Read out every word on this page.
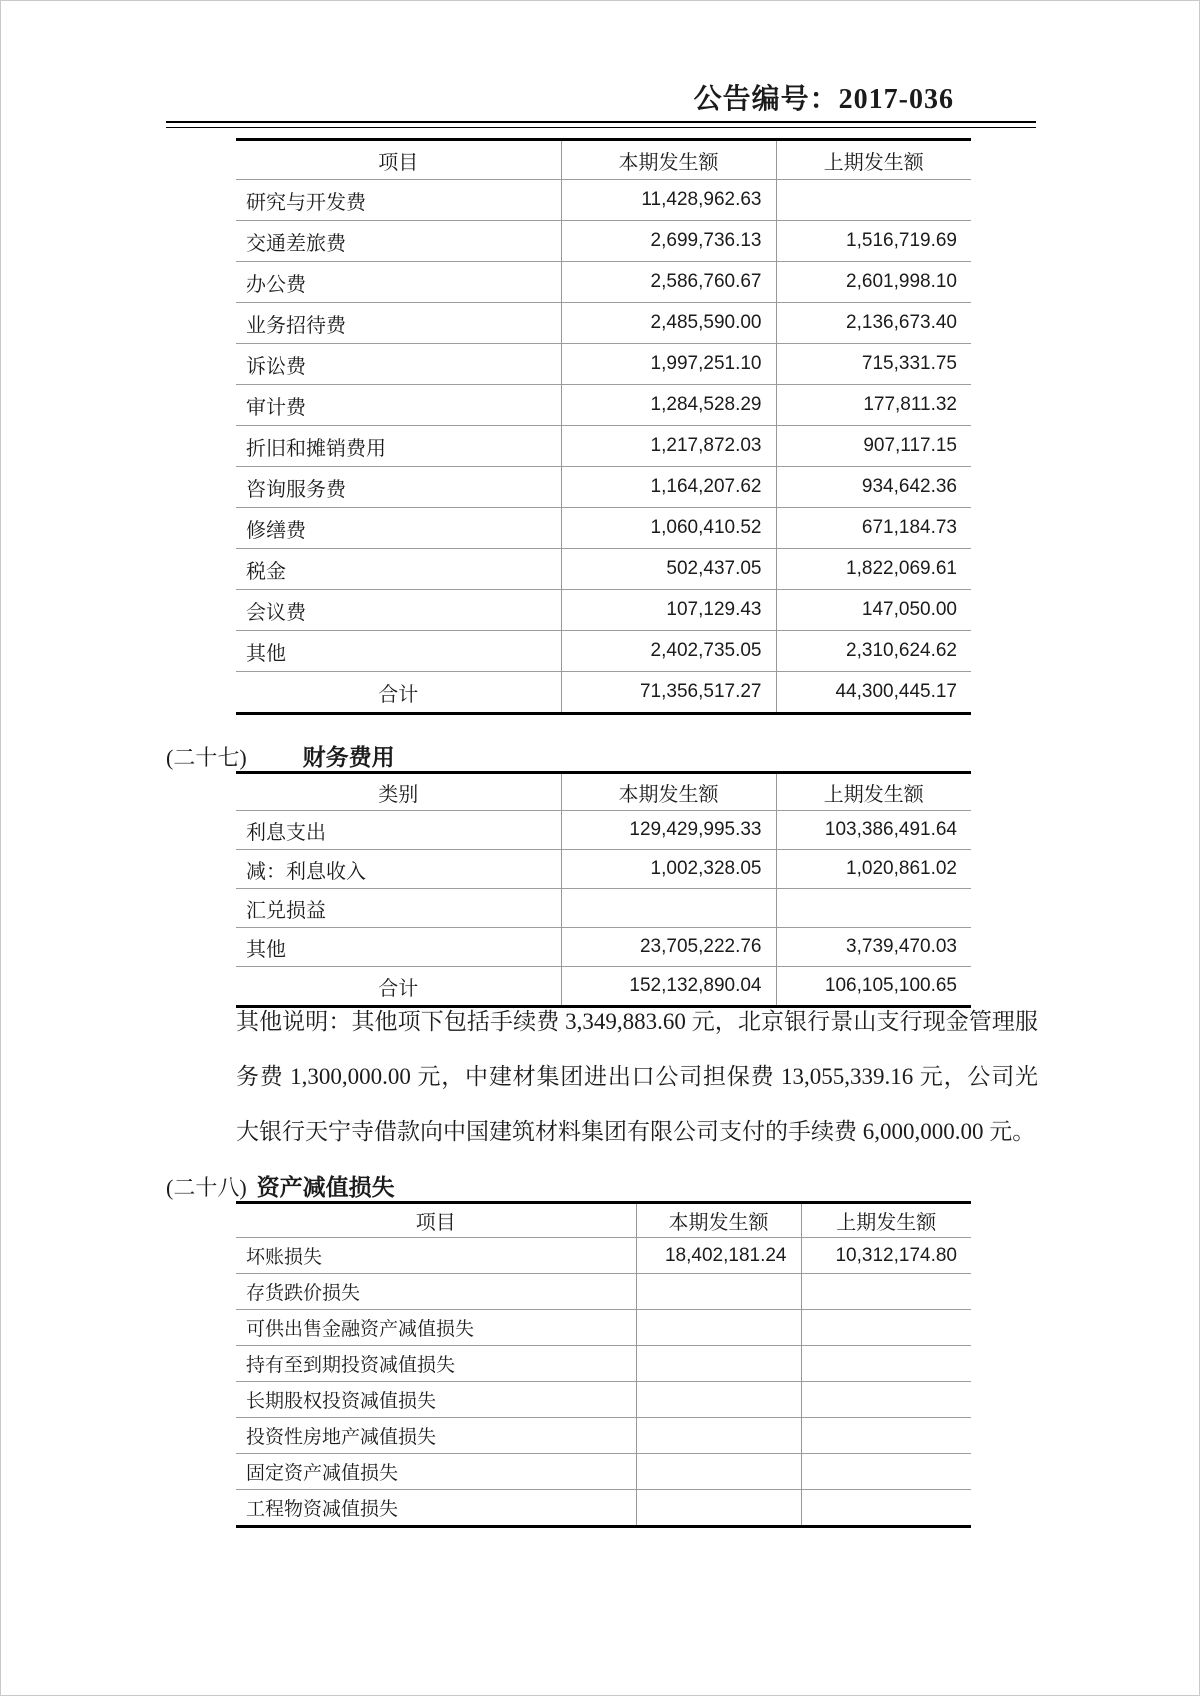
公告编号：2017-036
项目	本期发生额	上期发生额
研究与开发费	11,428,962.63	
交通差旅费	2,699,736.13	1,516,719.69
办公费	2,586,760.67	2,601,998.10
业务招待费	2,485,590.00	2,136,673.40
诉讼费	1,997,251.10	715,331.75
审计费	1,284,528.29	177,811.32
折旧和摊销费用	1,217,872.03	907,117.15
咨询服务费	1,164,207.62	934,642.36
修缮费	1,060,410.52	671,184.73
税金	502,437.05	1,822,069.61
会议费	107,129.43	147,050.00
其他	2,402,735.05	2,310,624.62
合计	71,356,517.27	44,300,445.17
(二十七) 财务费用
类别	本期发生额	上期发生额
利息支出	129,429,995.33	103,386,491.64
减：利息收入	1,002,328.05	1,020,861.02
汇兑损益		
其他	23,705,222.76	3,739,470.03
合计	152,132,890.04	106,105,100.65
其他说明：其他项下包括手续费 3,349,883.60 元，北京银行景山支行现金管理服务费 1,300,000.00 元，中建材集团进出口公司担保费 13,055,339.16 元，公司光大银行天宁寺借款向中国建筑材料集团有限公司支付的手续费 6,000,000.00 元。
(二十八) 资产减值损失
项目	本期发生额	上期发生额
坏账损失	18,402,181.24	10,312,174.80
存货跌价损失		
可供出售金融资产减值损失		
持有至到期投资减值损失		
长期股权投资减值损失		
投资性房地产减值损失		
固定资产减值损失		
工程物资减值损失		
